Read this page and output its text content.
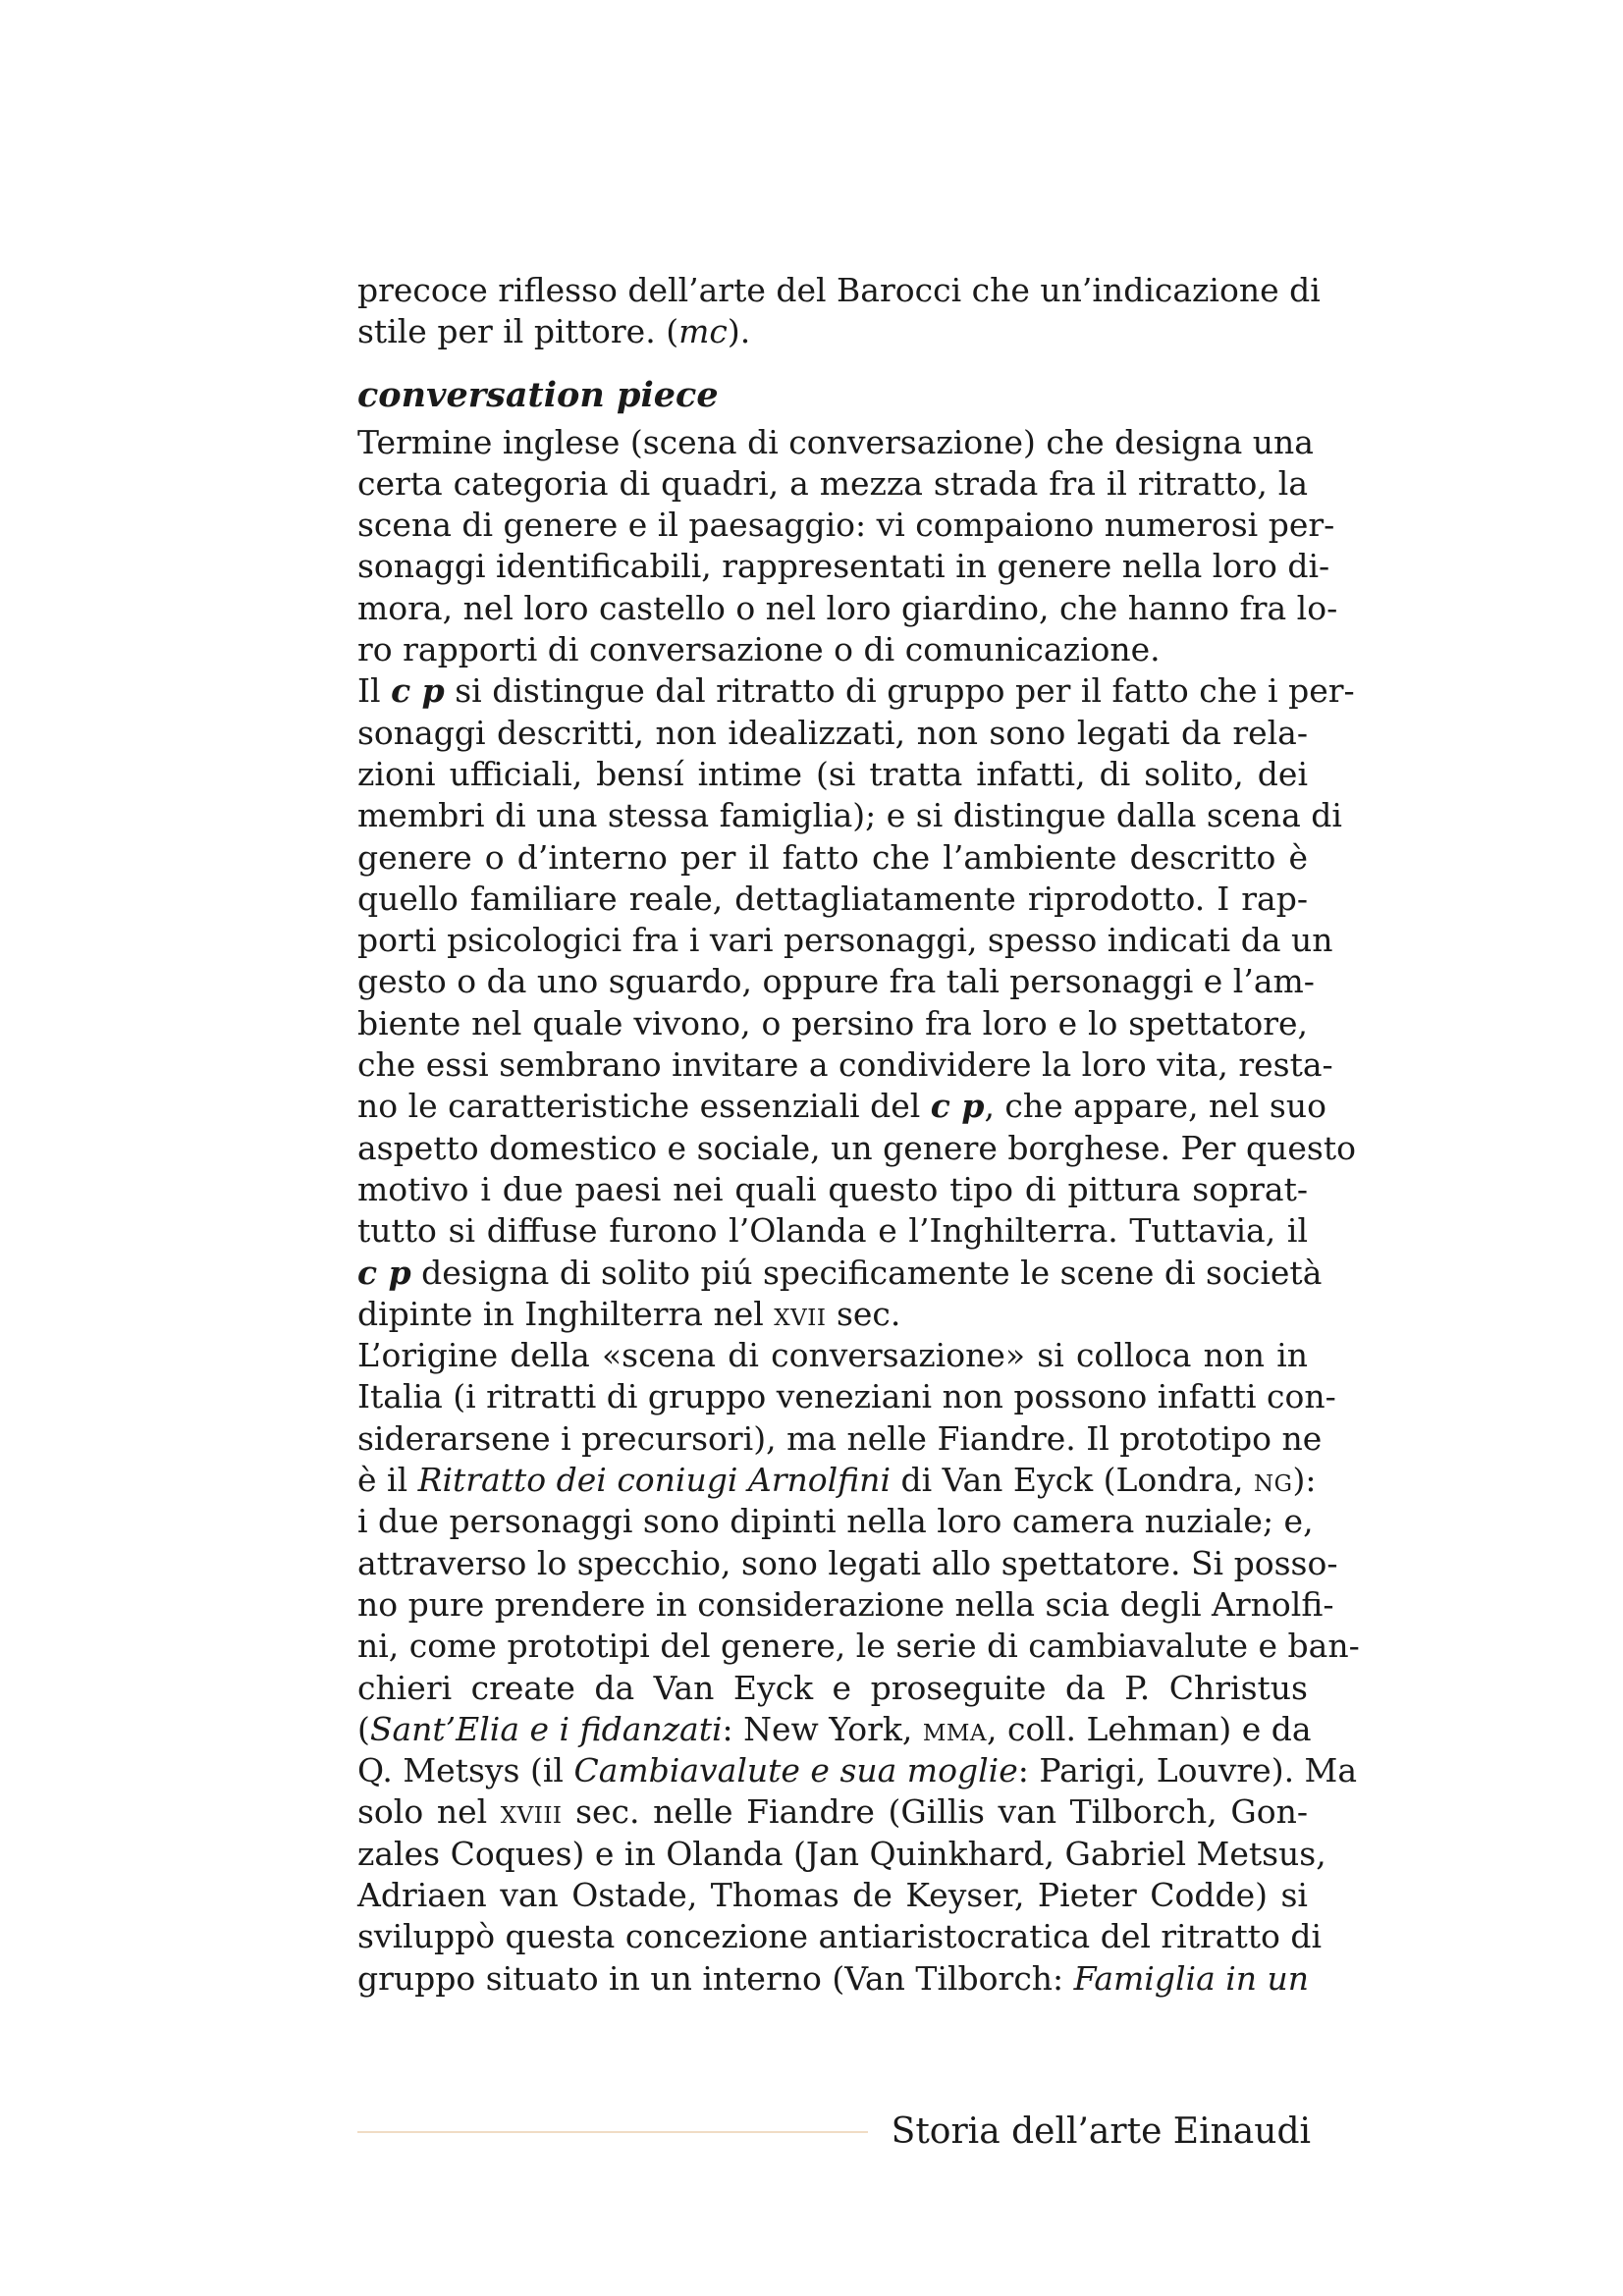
precoce riflesso dell’arte del Barocci che un’indicazione di
stile per il pittore. (mc).
conversation piece
Termine inglese (scena di conversazione) che designa una
certa categoria di quadri, a mezza strada fra il ritratto, la
scena di genere e il paesaggio: vi compaiono numerosi per-
sonaggi identificabili, rappresentati in genere nella loro di-
mora, nel loro castello o nel loro giardino, che hanno fra lo-
ro rapporti di conversazione o di comunicazione.
Il c p si distingue dal ritratto di gruppo per il fatto che i per-
sonaggi descritti, non idealizzati, non sono legati da rela-
zioni ufficiali, bensí intime (si tratta infatti, di solito, dei
membri di una stessa famiglia); e si distingue dalla scena di
genere o d’interno per il fatto che l’ambiente descritto è
quello familiare reale, dettagliatamente riprodotto. I rap-
porti psicologici fra i vari personaggi, spesso indicati da un
gesto o da uno sguardo, oppure fra tali personaggi e l’am-
biente nel quale vivono, o persino fra loro e lo spettatore,
che essi sembrano invitare a condividere la loro vita, resta-
no le caratteristiche essenziali del c p, che appare, nel suo
aspetto domestico e sociale, un genere borghese. Per questo
motivo i due paesi nei quali questo tipo di pittura soprat-
tutto si diffuse furono l’Olanda e l’Inghilterra. Tuttavia, il
c p designa di solito piú specificamente le scene di società
dipinte in Inghilterra nel xvii sec.
L’origine della «scena di conversazione» si colloca non in
Italia (i ritratti di gruppo veneziani non possono infatti con-
siderarsene i precursori), ma nelle Fiandre. Il prototipo ne
è il Ritratto dei coniugi Arnolfini di Van Eyck (Londra, ng):
i due personaggi sono dipinti nella loro camera nuziale; e,
attraverso lo specchio, sono legati allo spettatore. Si posso-
no pure prendere in considerazione nella scia degli Arnolfi-
ni, come prototipi del genere, le serie di cambiavalute e ban-
chieri create da Van Eyck e proseguite da P. Christus
(Sant’Elia e i fidanzati: New York, mma, coll. Lehman) e da
Q. Metsys (il Cambiavalute e sua moglie: Parigi, Louvre). Ma
solo nel xviii sec. nelle Fiandre (Gillis van Tilborch, Gon-
zales Coques) e in Olanda (Jan Quinkhard, Gabriel Metsus,
Adriaen van Ostade, Thomas de Keyser, Pieter Codde) si
sviluppò questa concezione antiaristocratica del ritratto di
gruppo situato in un interno (Van Tilborch: Famiglia in un
Storia dell’arte Einaudi
